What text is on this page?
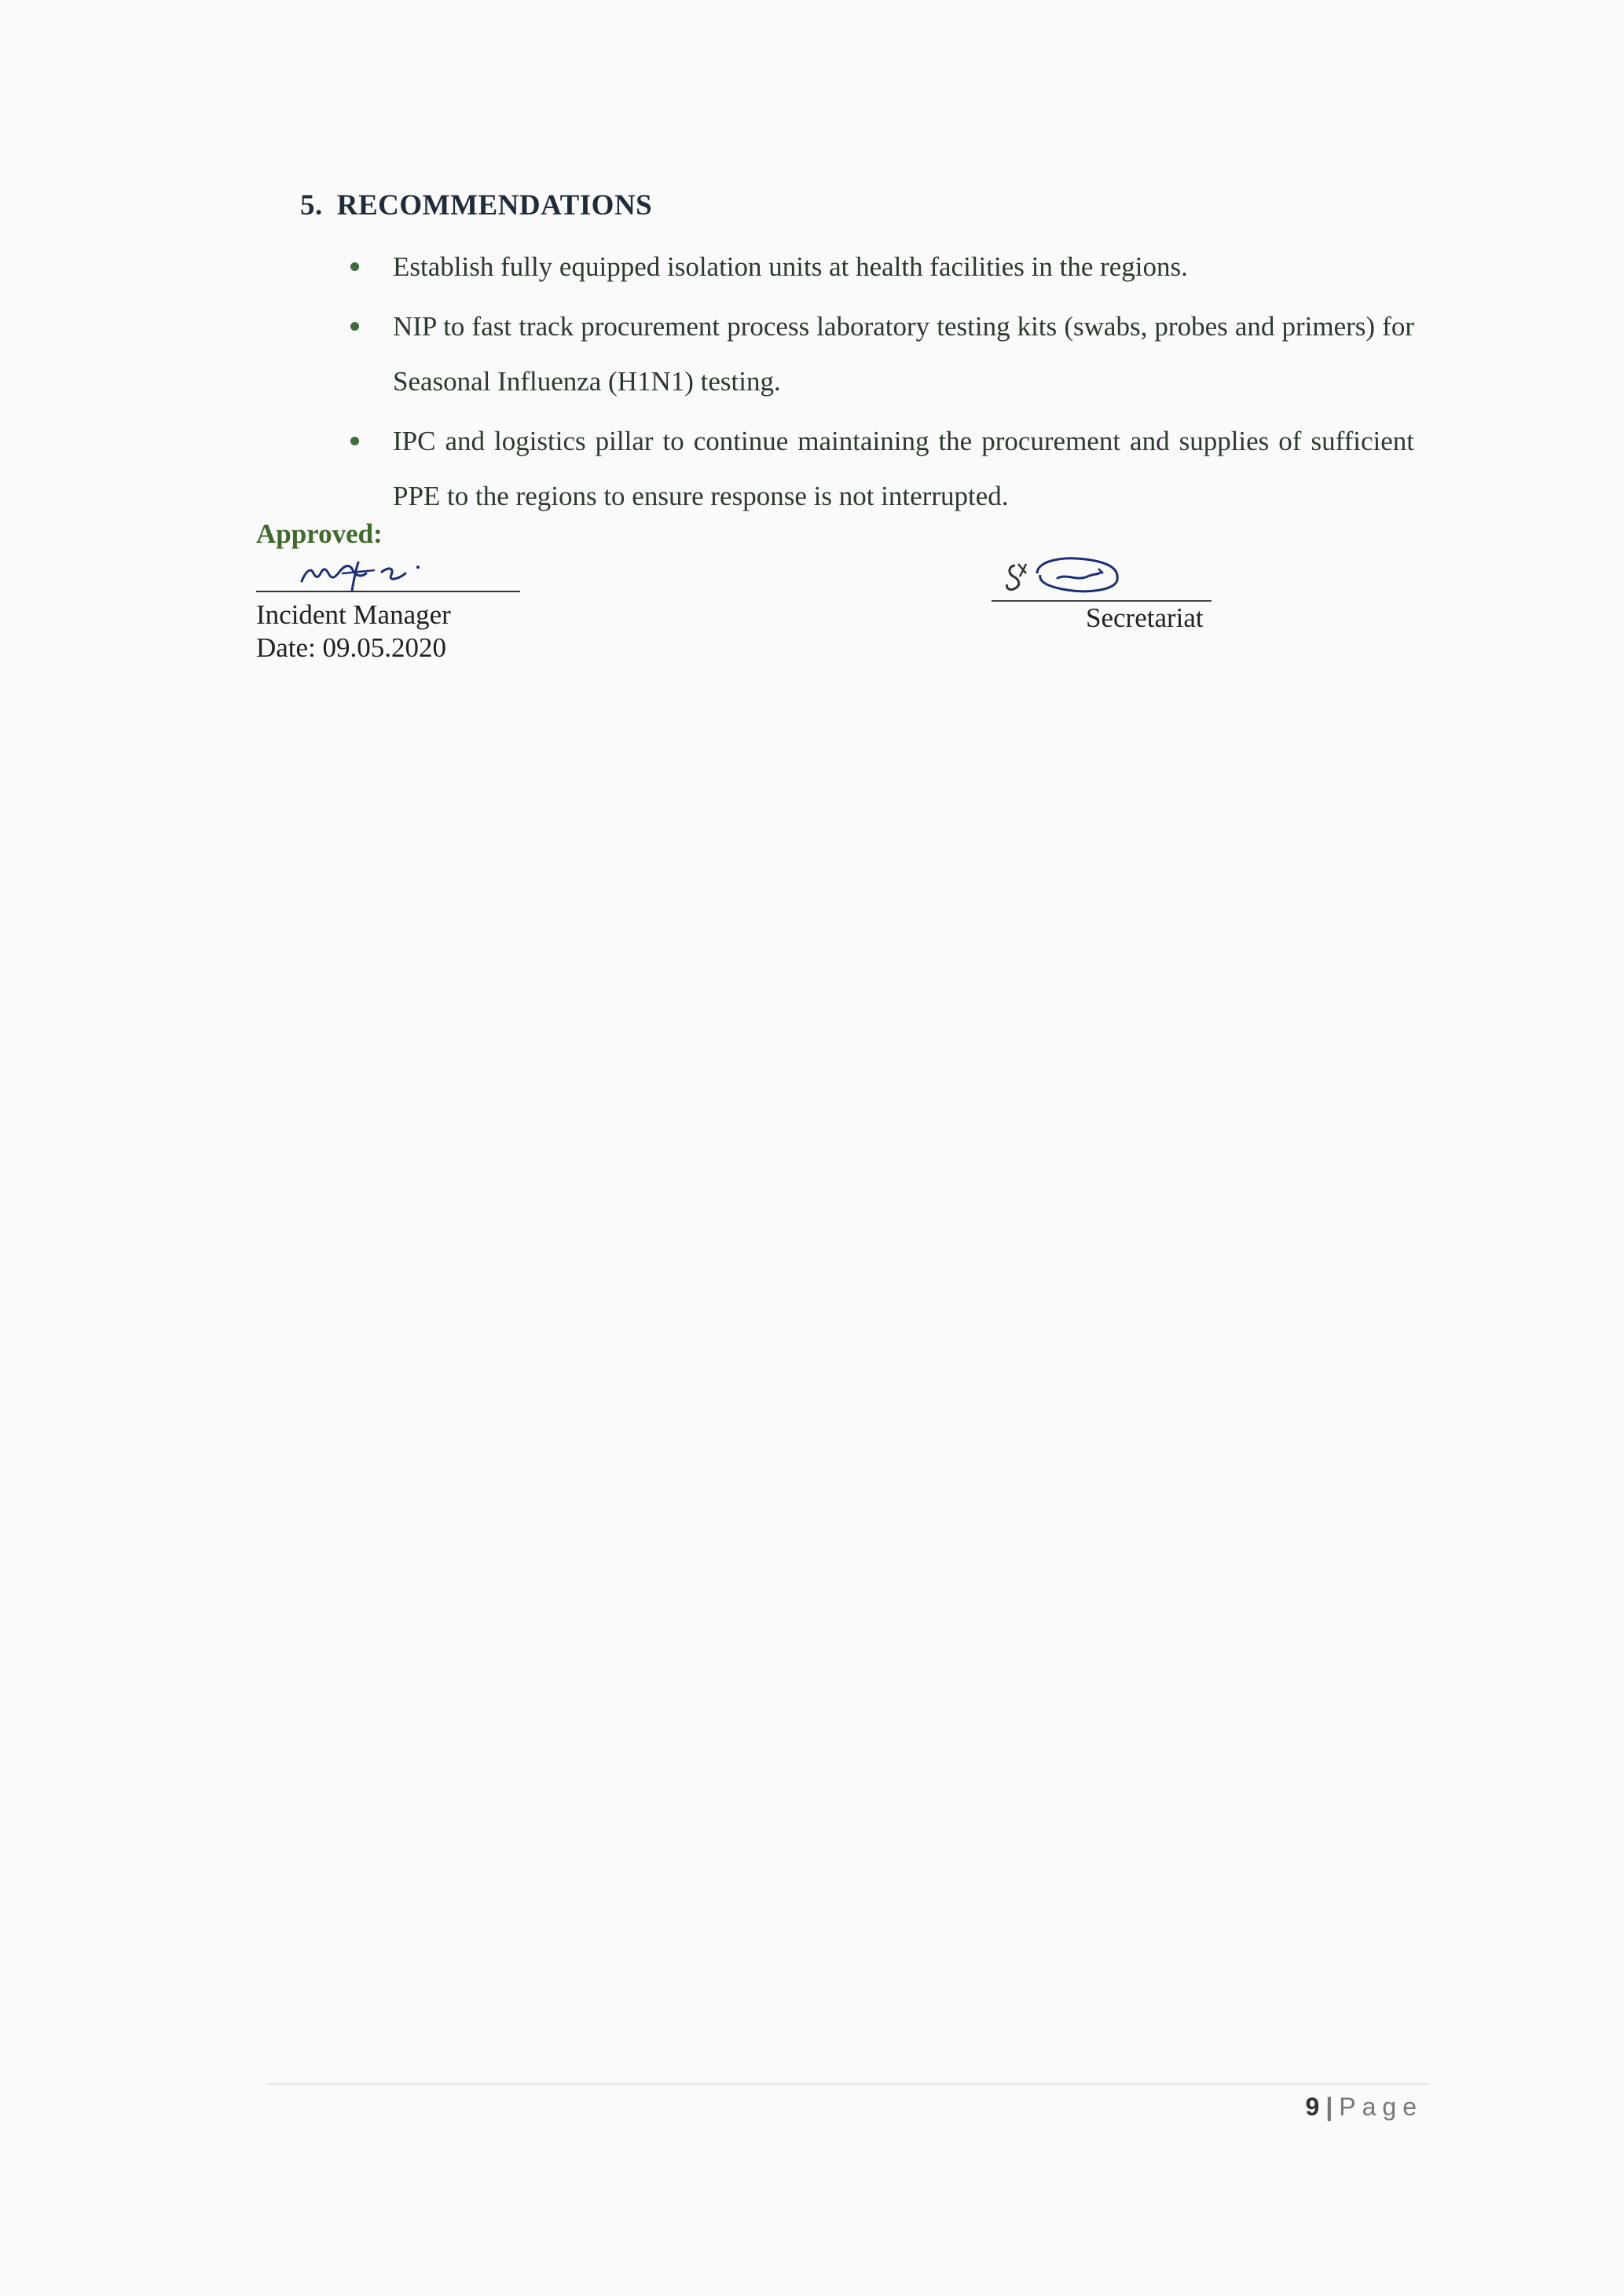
5. RECOMMENDATIONS
Establish fully equipped isolation units at health facilities in the regions.
NIP to fast track procurement process laboratory testing kits (swabs, probes and primers) for Seasonal Influenza (H1N1) testing.
IPC and logistics pillar to continue maintaining the procurement and supplies of sufficient PPE to the regions to ensure response is not interrupted.
Approved:
Incident Manager
Date: 09.05.2020
Secretariat
9 | Page
